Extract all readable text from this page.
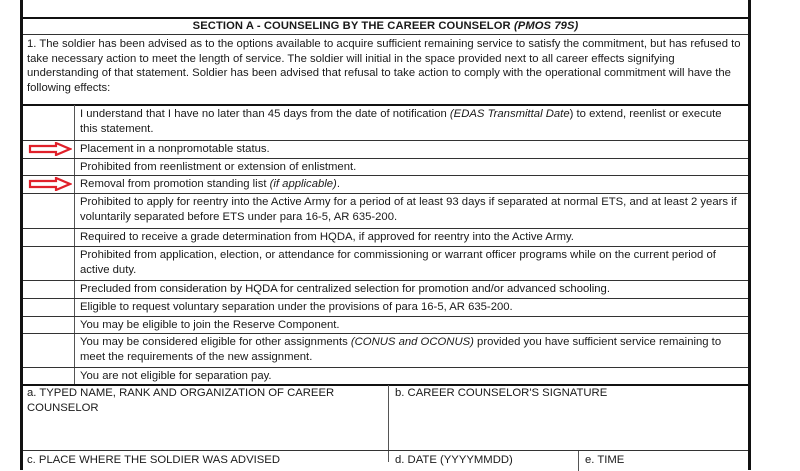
SECTION A - COUNSELING BY THE CAREER COUNSELOR (PMOS 79S)
1. The soldier has been advised as to the options available to acquire sufficient remaining service to satisfy the commitment, but has refused to take necessary action to meet the length of service. The soldier will initial in the space provided next to all career effects signifying understanding of that statement. Soldier has been advised that refusal to take action to comply with the operational commitment will have the following effects:
a. TYPED NAME, RANK AND ORGANIZATION OF CAREER COUNSELOR
b. CAREER COUNSELOR'S SIGNATURE
c. PLACE WHERE THE SOLDIER WAS ADVISED	d. DATE (YYYYMMDD)	e. TIME
I understand that I have no later than 45 days from the date of notification (EDAS Transmittal Date) to extend, reenlist or execute this statement.
Placement in a nonpromotable status.
Prohibited from reenlistment or extension of enlistment.
Removal from promotion standing list (if applicable).
Prohibited to apply for reentry into the Active Army for a period of at least 93 days if separated at normal ETS, and at least 2 years if voluntarily separated before ETS under para 16-5, AR 635-200.
Required to receive a grade determination from HQDA, if approved for reentry into the Active Army.
Prohibited from application, election, or attendance for commissioning or warrant officer programs while on the current period of active duty.
Precluded from consideration by HQDA for centralized selection for promotion and/or advanced schooling.
Eligible to request voluntary separation under the provisions of para 16-5, AR 635-200.
You may be eligible to join the Reserve Component.
You may be considered eligible for other assignments (CONUS and OCONUS) provided you have sufficient service remaining to meet the requirements of the new assignment.
You are not eligible for separation pay.
